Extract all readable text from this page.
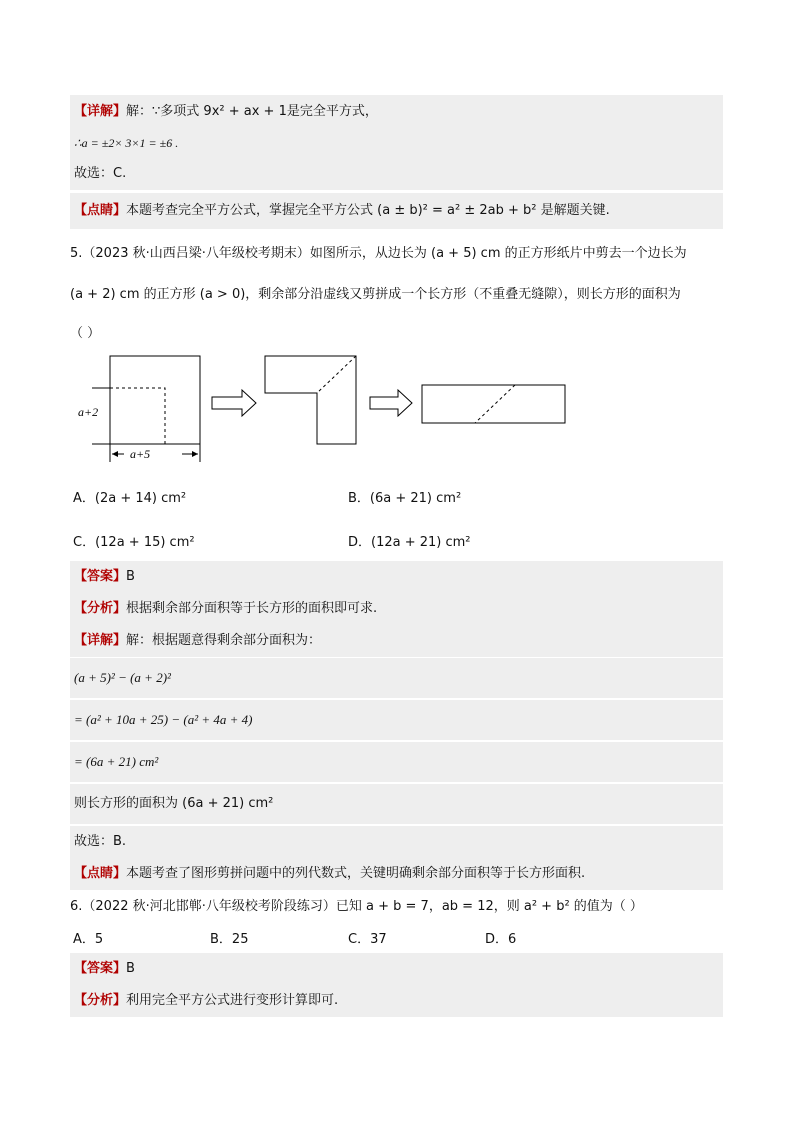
【详解】 解：∵多项式 9x² + ax + 1是完全平方式，
∴a = ±2× 3×1 = ±6 .
故选：C.
【点睛】 本题考查完全平方公式，掌握完全平方公式 (a ± b)² = a² ± 2ab + b² 是解题关键.
5.（2023 秋·山西吕梁·八年级校考期末）如图所示，从边长为 (a + 5) cm 的正方形纸片中剪去一个边长为
(a + 2) cm 的正方形 (a > 0)，剩余部分沿虚线又剪拼成一个长方形（不重叠无缝隙），则长方形的面积为
（ ）
a+2
a+5
A．(2a + 14) cm²	B．(6a + 21) cm²
C．(12a + 15) cm²	D．(12a + 21) cm²
【答案】 B
【分析】 根据剩余部分面积等于长方形的面积即可求.
【详解】 解：根据题意得剩余部分面积为：
(a + 5)² − (a + 2)²
= (a² + 10a + 25) − (a² + 4a + 4)
= (6a + 21) cm²
则长方形的面积为 (6a + 21) cm²
故选：B.
【点睛】 本题考查了图形剪拼问题中的列代数式，关键明确剩余部分面积等于长方形面积.
6.（2022 秋·河北邯郸·八年级校考阶段练习）已知 a + b = 7，ab = 12，则 a² + b² 的值为（ ）
A．5	B．25	C．37	D．6
【答案】 B
【分析】 利用完全平方公式进行变形计算即可.
